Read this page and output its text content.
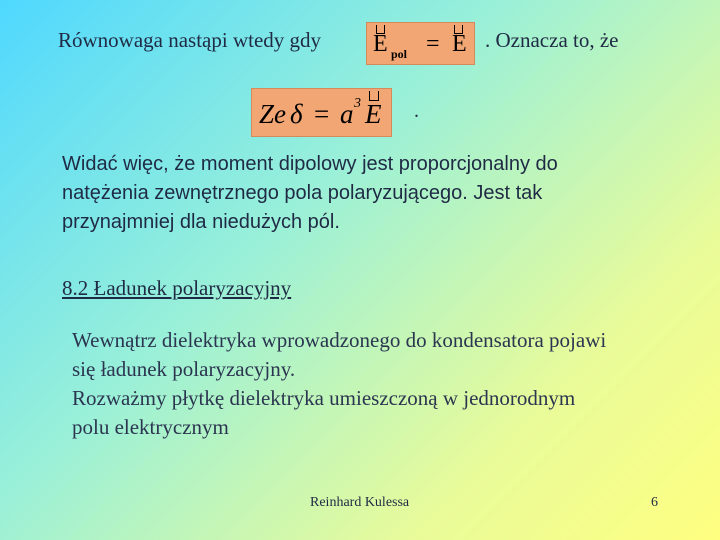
Równowaga nastąpi wtedy gdy E pol = E . Oznacza to, że
Ze δ = a 3 E .
Widać więc, że moment dipolowy jest proporcjonalny do
natężenia zewnętrznego pola polaryzującego. Jest tak
przynajmniej dla niedużych pól.
8.2 Ładunek polaryzacyjny
Wewnątrz dielektryka wprowadzonego do kondensatora pojawi
się ładunek polaryzacyjny.
Rozważmy płytkę dielektryka umieszczoną w jednorodnym
polu elektrycznym
Reinhard Kulessa	6
